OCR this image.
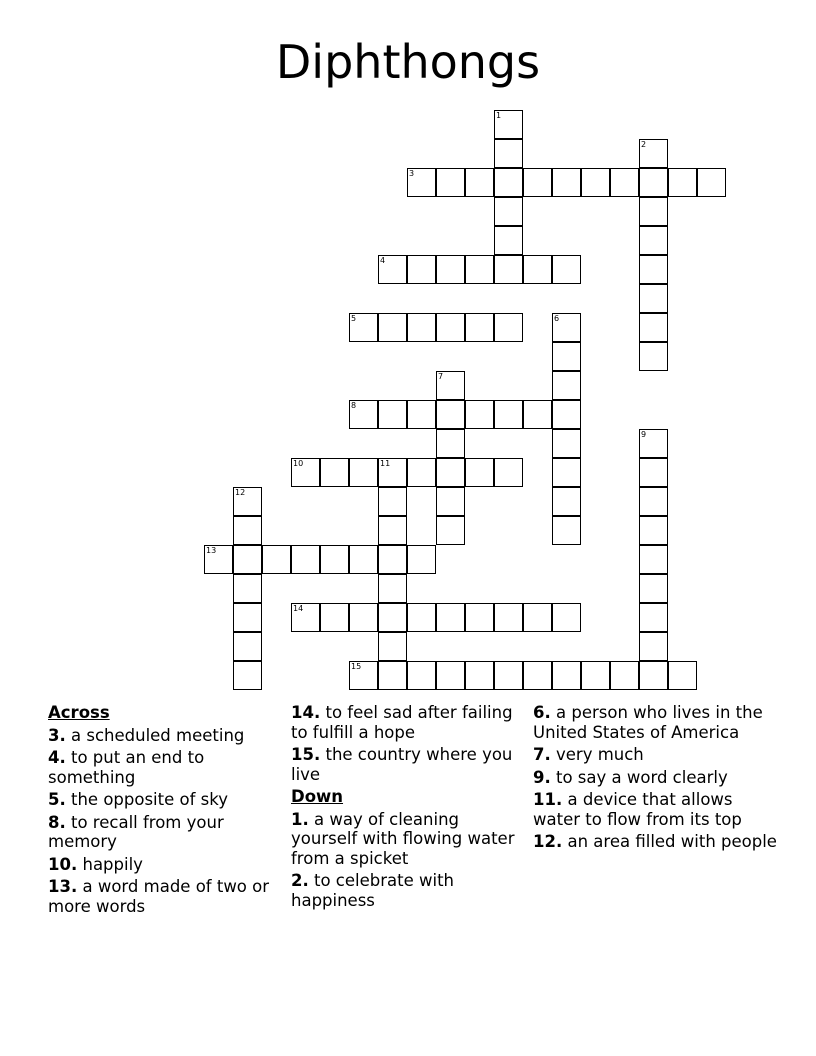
Diphthongs
1
2
3
4
5	6
7
8
9
10	11
12
13
14
15
Across
3. a scheduled meeting
4. to put an end to something
5. the opposite of sky
8. to recall from your memory
10. happily
13. a word made of two or more words
14. to feel sad after failing to fulfill a hope
15. the country where you live
Down
1. a way of cleaning yourself with flowing water from a spicket
2. to celebrate with happiness
6. a person who lives in the United States of America
7. very much
9. to say a word clearly
11. a device that allows water to flow from its top
12. an area filled with people
